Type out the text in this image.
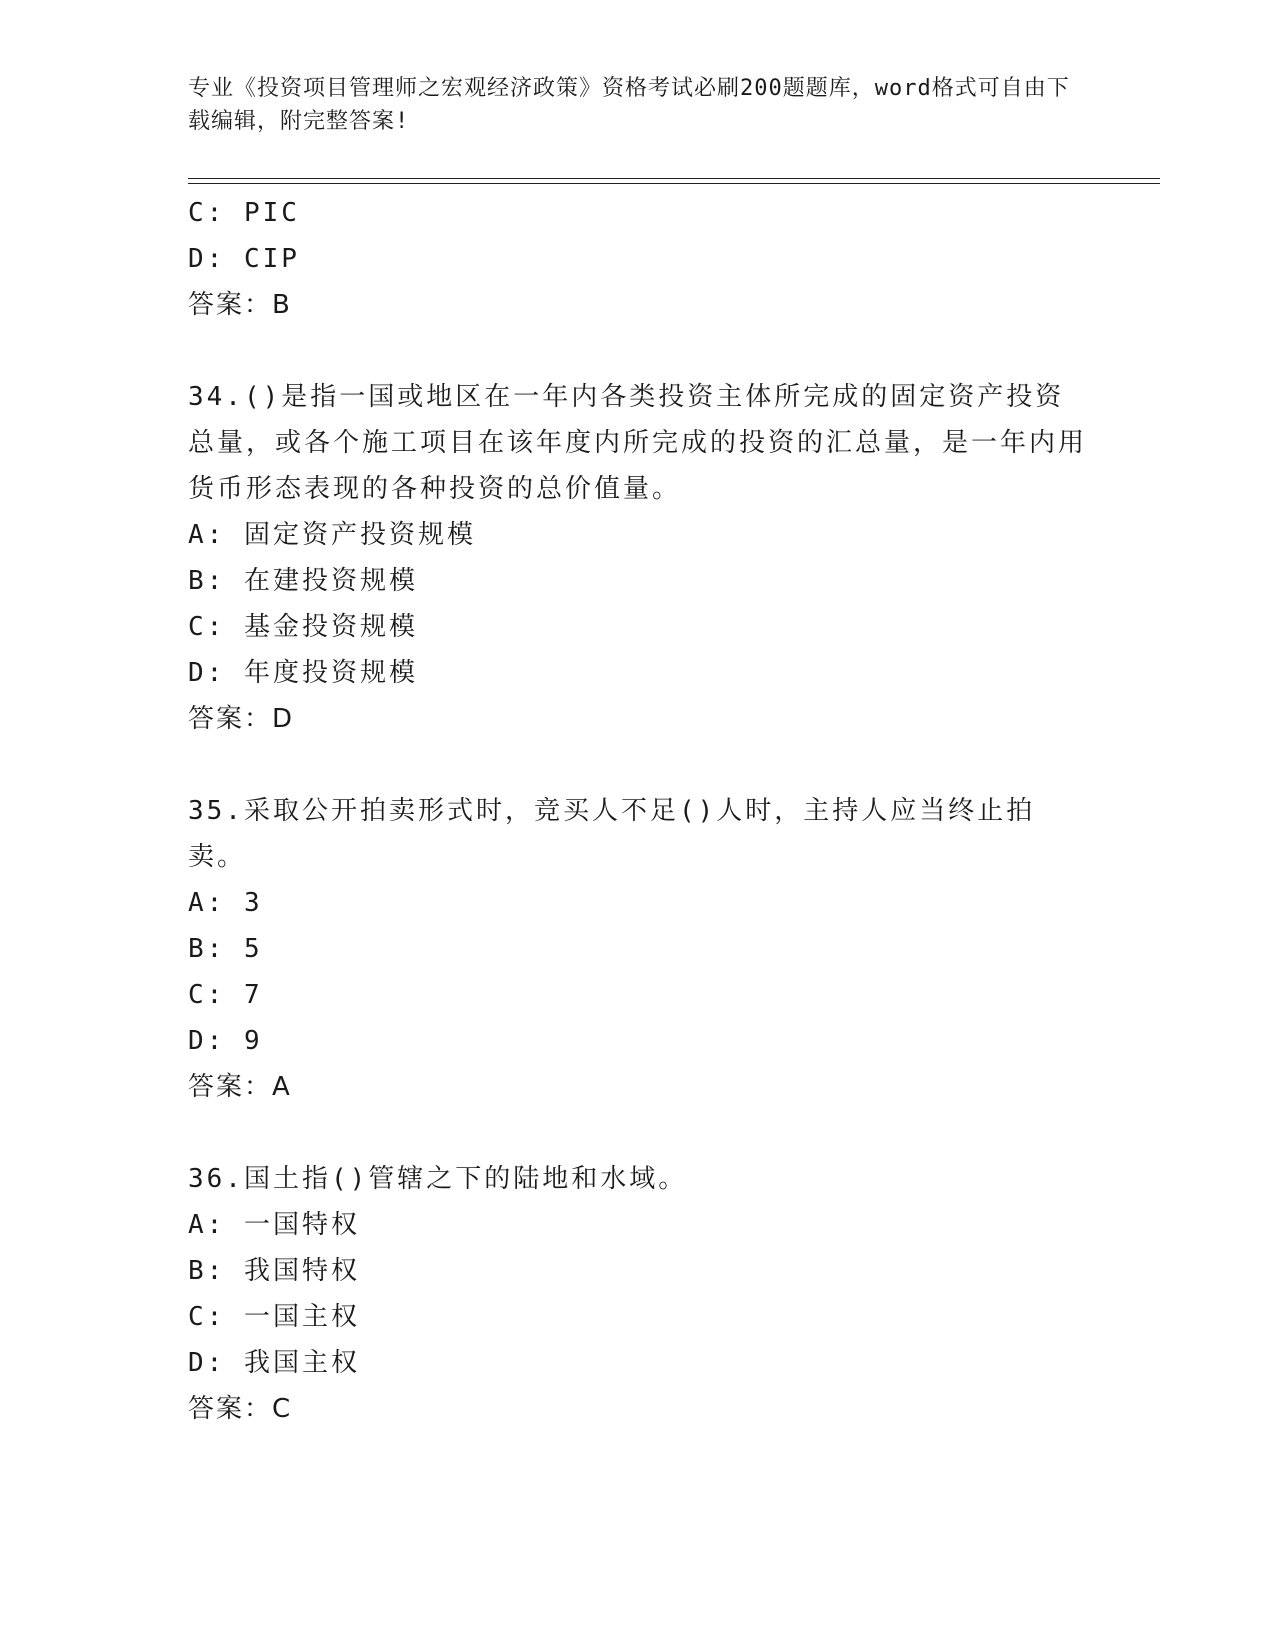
专业《投资项目管理师之宏观经济政策》资格考试必刷200题题库，word格式可自由下载编辑，附完整答案!
C: PIC
D: CIP
答案：B
34.()是指一国或地区在一年内各类投资主体所完成的固定资产投资总量，或各个施工项目在该年度内所完成的投资的汇总量，是一年内用货币形态表现的各种投资的总价值量。
A: 固定资产投资规模
B: 在建投资规模
C: 基金投资规模
D: 年度投资规模
答案：D
35.采取公开拍卖形式时，竞买人不足()人时，主持人应当终止拍卖。
A: 3
B: 5
C: 7
D: 9
答案：A
36.国土指()管辖之下的陆地和水域。
A: 一国特权
B: 我国特权
C: 一国主权
D: 我国主权
答案：C
